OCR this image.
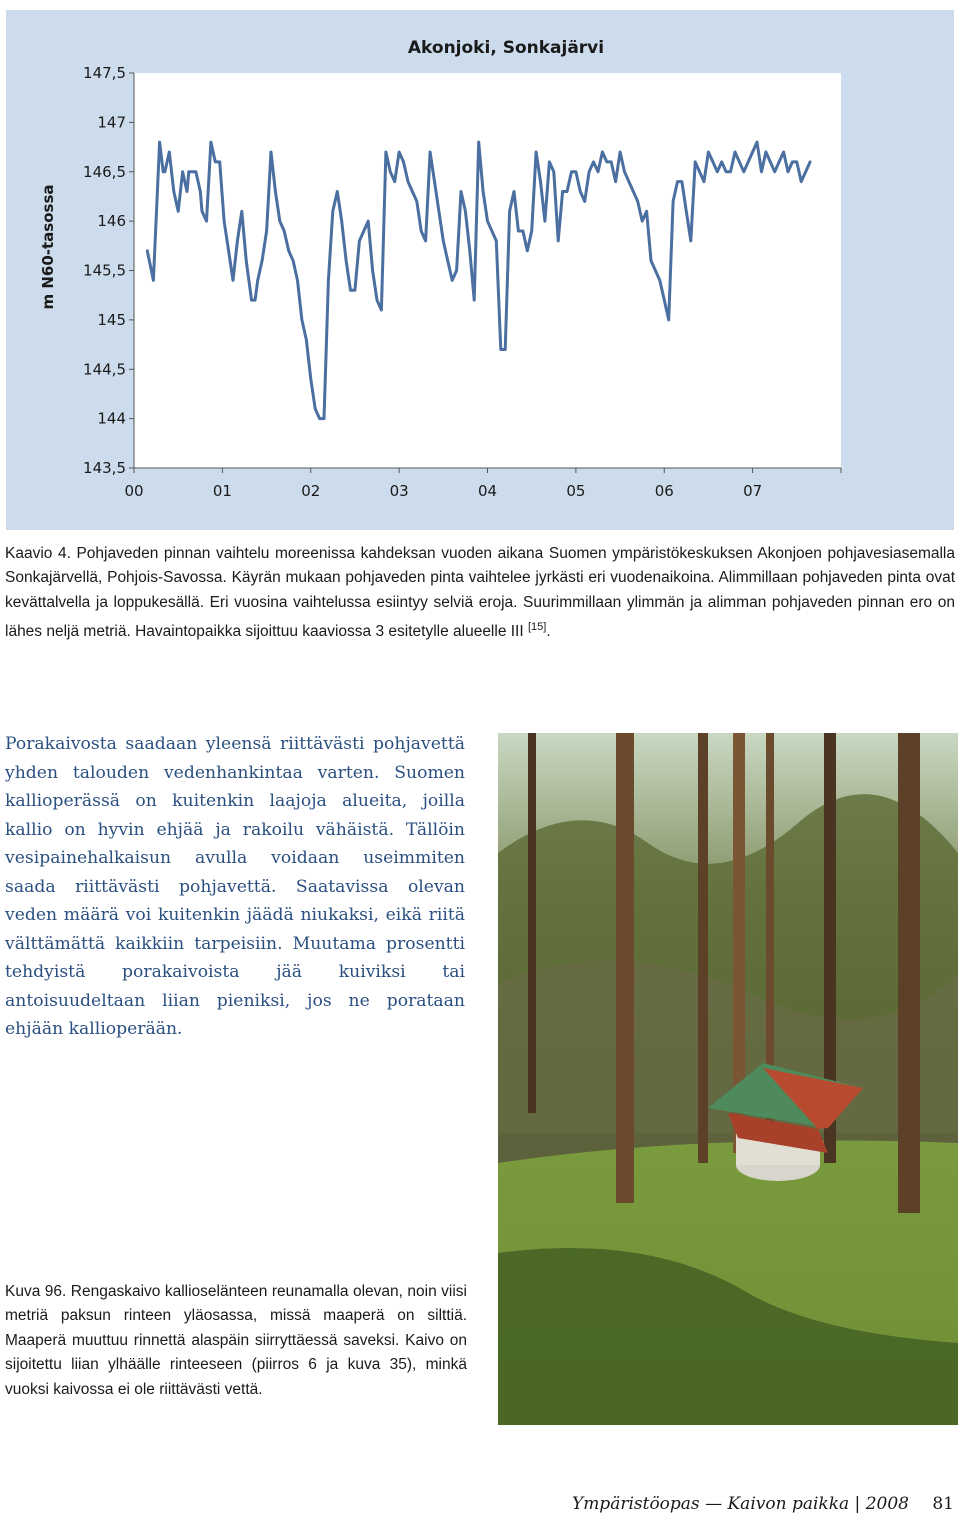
Akonjoki, Sonkajärvi
m N60-tasossa
147,5
147
146,5
146
145,5
145
144,5
144
143,5
00	01	02	03	04	05	06	07

Kaavio 4. Pohjaveden pinnan vaihtelu moreenissa kahdeksan vuoden aikana Suomen ympäristökeskuksen Akonjoen pohjavesiasemalla Sonkajärvellä, Pohjois-Savossa. Käyrän mukaan pohjaveden pinta vaihtelee jyrkästi eri vuodenaikoina. Alimmillaan pohjaveden pinta ovat kevättalvella ja loppukesällä. Eri vuosina vaihtelussa esiintyy selviä eroja. Suurimmillaan ylimmän ja alimman pohjaveden pinnan ero on lähes neljä metriä. Havaintopaikka sijoittuu kaaviossa 3 esitetylle alueelle III [15].

Porakaivosta saadaan yleensä riittävästi pohjavettä yhden talouden vedenhankintaa varten. Suomen kallioperässä on kuitenkin laajoja alueita, joilla kallio on hyvin ehjää ja rakoilu vähäistä. Tällöin vesipainehalkaisun avulla voidaan useimmiten saada riittävästi pohjavettä. Saatavissa olevan veden määrä voi kuitenkin jäädä niukaksi, eikä riitä välttämättä kaikkiin tarpeisiin. Muutama prosentti tehdyistä porakaivoista jää kuiviksi tai antoisuudeltaan liian pieniksi, jos ne porataan ehjään kallioperään.

Kuva 96. Rengaskaivo kallioselänteen reunamalla olevan, noin viisi metriä paksun rinteen yläosassa, missä maaperä on silttiä. Maaperä muuttuu rinnettä alaspäin siirryttäessä saveksi. Kaivo on sijoitettu liian ylhäälle rinteeseen (piirros 6 ja kuva 35), minkä vuoksi kaivossa ei ole riittävästi vettä.

Ympäristöopas — Kaivon paikka | 2008 81
